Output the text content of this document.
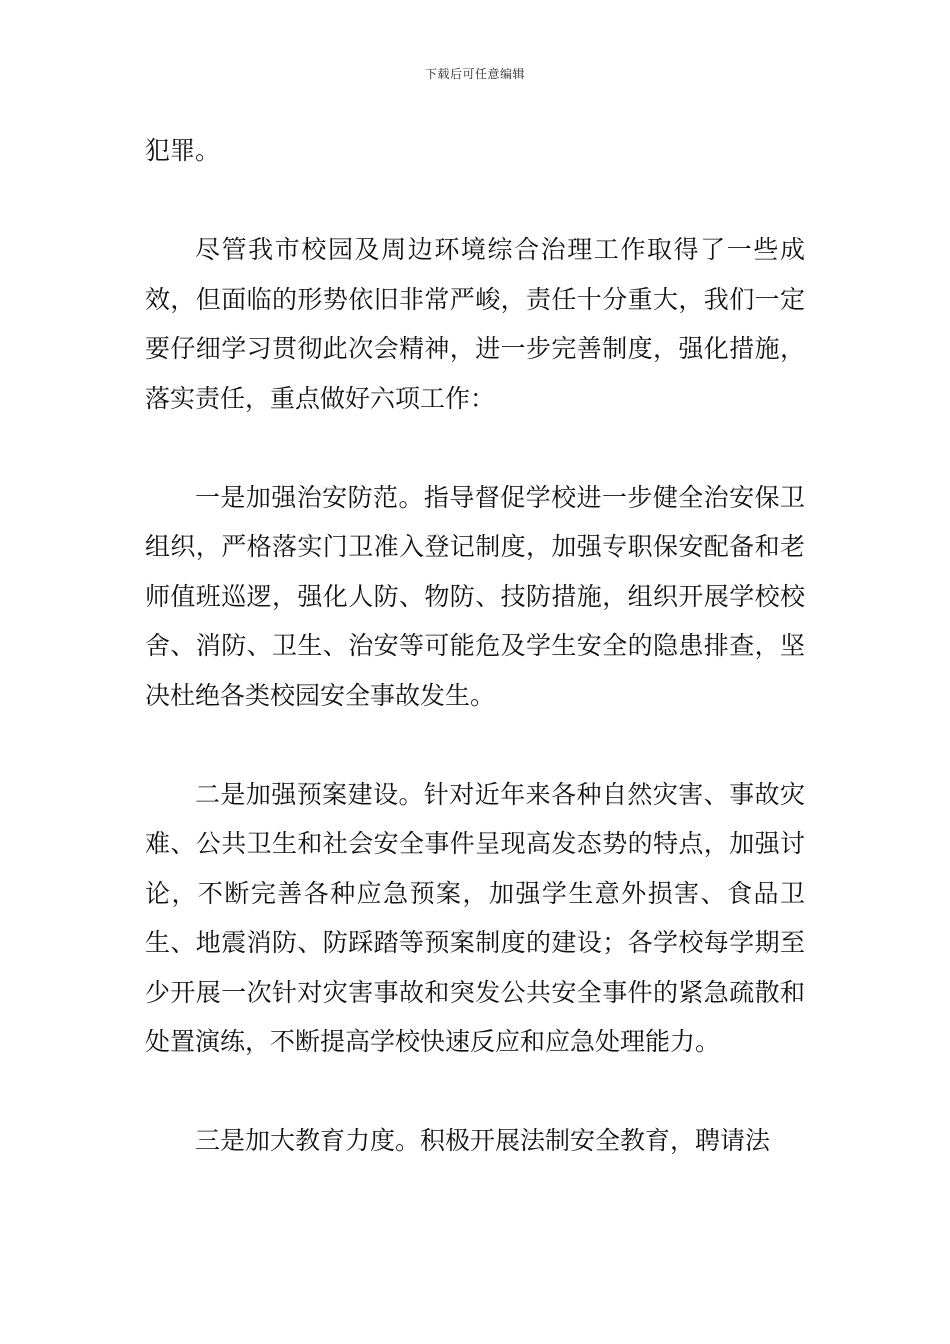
下载后可任意编辑

犯罪。

尽管我市校园及周边环境综合治理工作取得了一些成效，但面临的形势依旧非常严峻，责任十分重大，我们一定要仔细学习贯彻此次会精神，进一步完善制度，强化措施，落实责任，重点做好六项工作：

一是加强治安防范。指导督促学校进一步健全治安保卫组织，严格落实门卫准入登记制度，加强专职保安配备和老师值班巡逻，强化人防、物防、技防措施，组织开展学校校舍、消防、卫生、治安等可能危及学生安全的隐患排查，坚决杜绝各类校园安全事故发生。

二是加强预案建设。针对近年来各种自然灾害、事故灾难、公共卫生和社会安全事件呈现高发态势的特点，加强讨论，不断完善各种应急预案，加强学生意外损害、食品卫生、地震消防、防踩踏等预案制度的建设；各学校每学期至少开展一次针对灾害事故和突发公共安全事件的紧急疏散和处置演练，不断提高学校快速反应和应急处理能力。

三是加大教育力度。积极开展法制安全教育，聘请法
